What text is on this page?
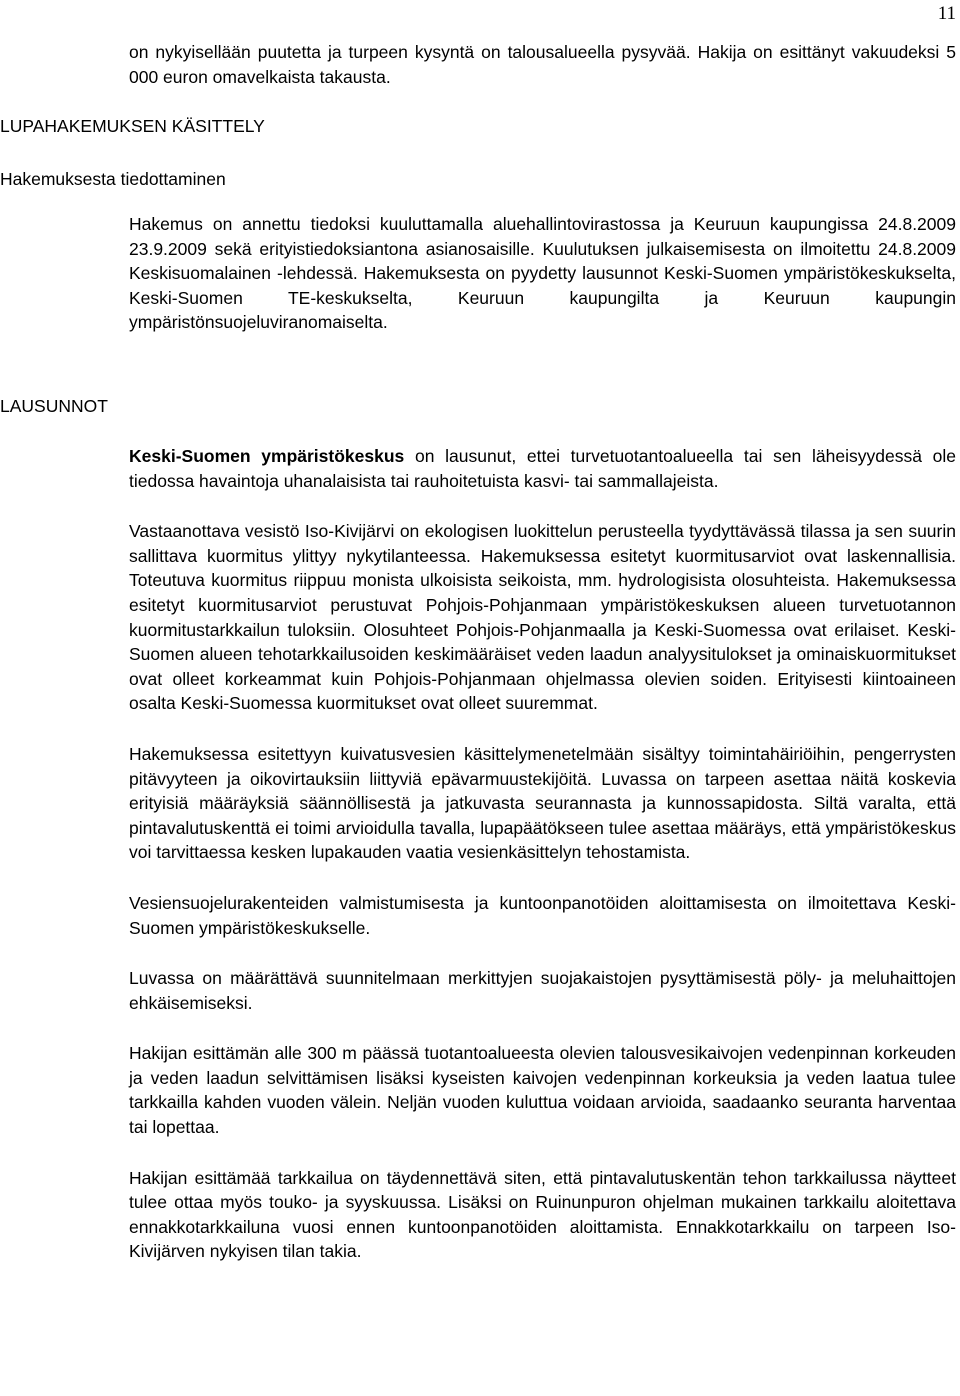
11
LUPAHAKEMUKSEN KÄSITTELY
Hakemuksesta tiedottaminen
LAUSUNNOT

on nykyisellään puutetta ja turpeen kysyntä on talousalueella pysyvää. Hakija on esittänyt vakuudeksi 5 000 euron omavelkaista takausta.

Hakemus on annettu tiedoksi kuuluttamalla aluehallintovirastossa ja Keuruun kaupungissa 24.8.2009 23.9.2009 sekä erityistiedoksiantona asianosaisille. Kuulutuksen julkaisemisesta on ilmoitettu 24.8.2009 Keskisuomalainen -lehdessä. Hakemuksesta on pyydetty lausunnot Keski-Suomen ympäristökeskukselta, Keski-Suomen TE-keskukselta, Keuruun kaupungilta ja Keuruun kaupungin ympäristönsuojeluviranomaiselta.

Keski-Suomen ympäristökeskus on lausunut, ettei turvetuotantoalueella tai sen läheisyydessä ole tiedossa havaintoja uhanalaisista tai rauhoitetuista kasvi- tai sammallajeista.

Vastaanottava vesistö Iso-Kivijärvi on ekologisen luokittelun perusteella tyydyttävässä tilassa ja sen suurin sallittava kuormitus ylittyy nykytilanteessa. Hakemuksessa esitetyt kuormitusarviot ovat laskennallisia. Toteutuva kuormitus riippuu monista ulkoisista seikoista, mm. hydrologisista olosuhteista. Hakemuksessa esitetyt kuormitusarviot perustuvat Pohjois-Pohjanmaan ympäristökeskuksen alueen turvetuotannon kuormitustarkkailun tuloksiin. Olosuhteet Pohjois-Pohjanmaalla ja Keski-Suomessa ovat erilaiset. Keski-Suomen alueen tehotarkkailusoiden keskimääräiset veden laadun analyysitulokset ja ominaiskuormitukset ovat olleet korkeammat kuin Pohjois-Pohjanmaan ohjelmassa olevien soiden. Erityisesti kiintoaineen osalta Keski-Suomessa kuormitukset ovat olleet suuremmat.

Hakemuksessa esitettyyn kuivatusvesien käsittelymenetelmään sisältyy toimintahäiriöihin, pengerrysten pitävyyteen ja oikovirtauksiin liittyviä epävarmuustekijöitä. Luvassa on tarpeen asettaa näitä koskevia erityisiä määräyksiä säännöllisestä ja jatkuvasta seurannasta ja kunnossapidosta. Siltä varalta, että pintavalutuskenttä ei toimi arvioidulla tavalla, lupapäätökseen tulee asettaa määräys, että ympäristökeskus voi tarvittaessa kesken lupakauden vaatia vesienkäsittelyn tehostamista.

Vesiensuojelurakenteiden valmistumisesta ja kuntoonpanotöiden aloittamisesta on ilmoitettava Keski-Suomen ympäristökeskukselle.

Luvassa on määrättävä suunnitelmaan merkittyjen suojakaistojen pysyttämisestä pöly- ja meluhaittojen ehkäisemiseksi.

Hakijan esittämän alle 300 m päässä tuotantoalueesta olevien talousvesikaivojen vedenpinnan korkeuden ja veden laadun selvittämisen lisäksi kyseisten kaivojen vedenpinnan korkeuksia ja veden laatua tulee tarkkailla kahden vuoden välein. Neljän vuoden kuluttua voidaan arvioida, saadaanko seuranta harventaa tai lopettaa.

Hakijan esittämää tarkkailua on täydennettävä siten, että pintavalutuskentän tehon tarkkailussa näytteet tulee ottaa myös touko- ja syyskuussa. Lisäksi on Ruinunpuron ohjelman mukainen tarkkailu aloitettava ennakkotarkkailuna vuosi ennen kuntoonpanotöiden aloittamista. Ennakkotarkkailu on tarpeen Iso-Kivijärven nykyisen tilan takia.
